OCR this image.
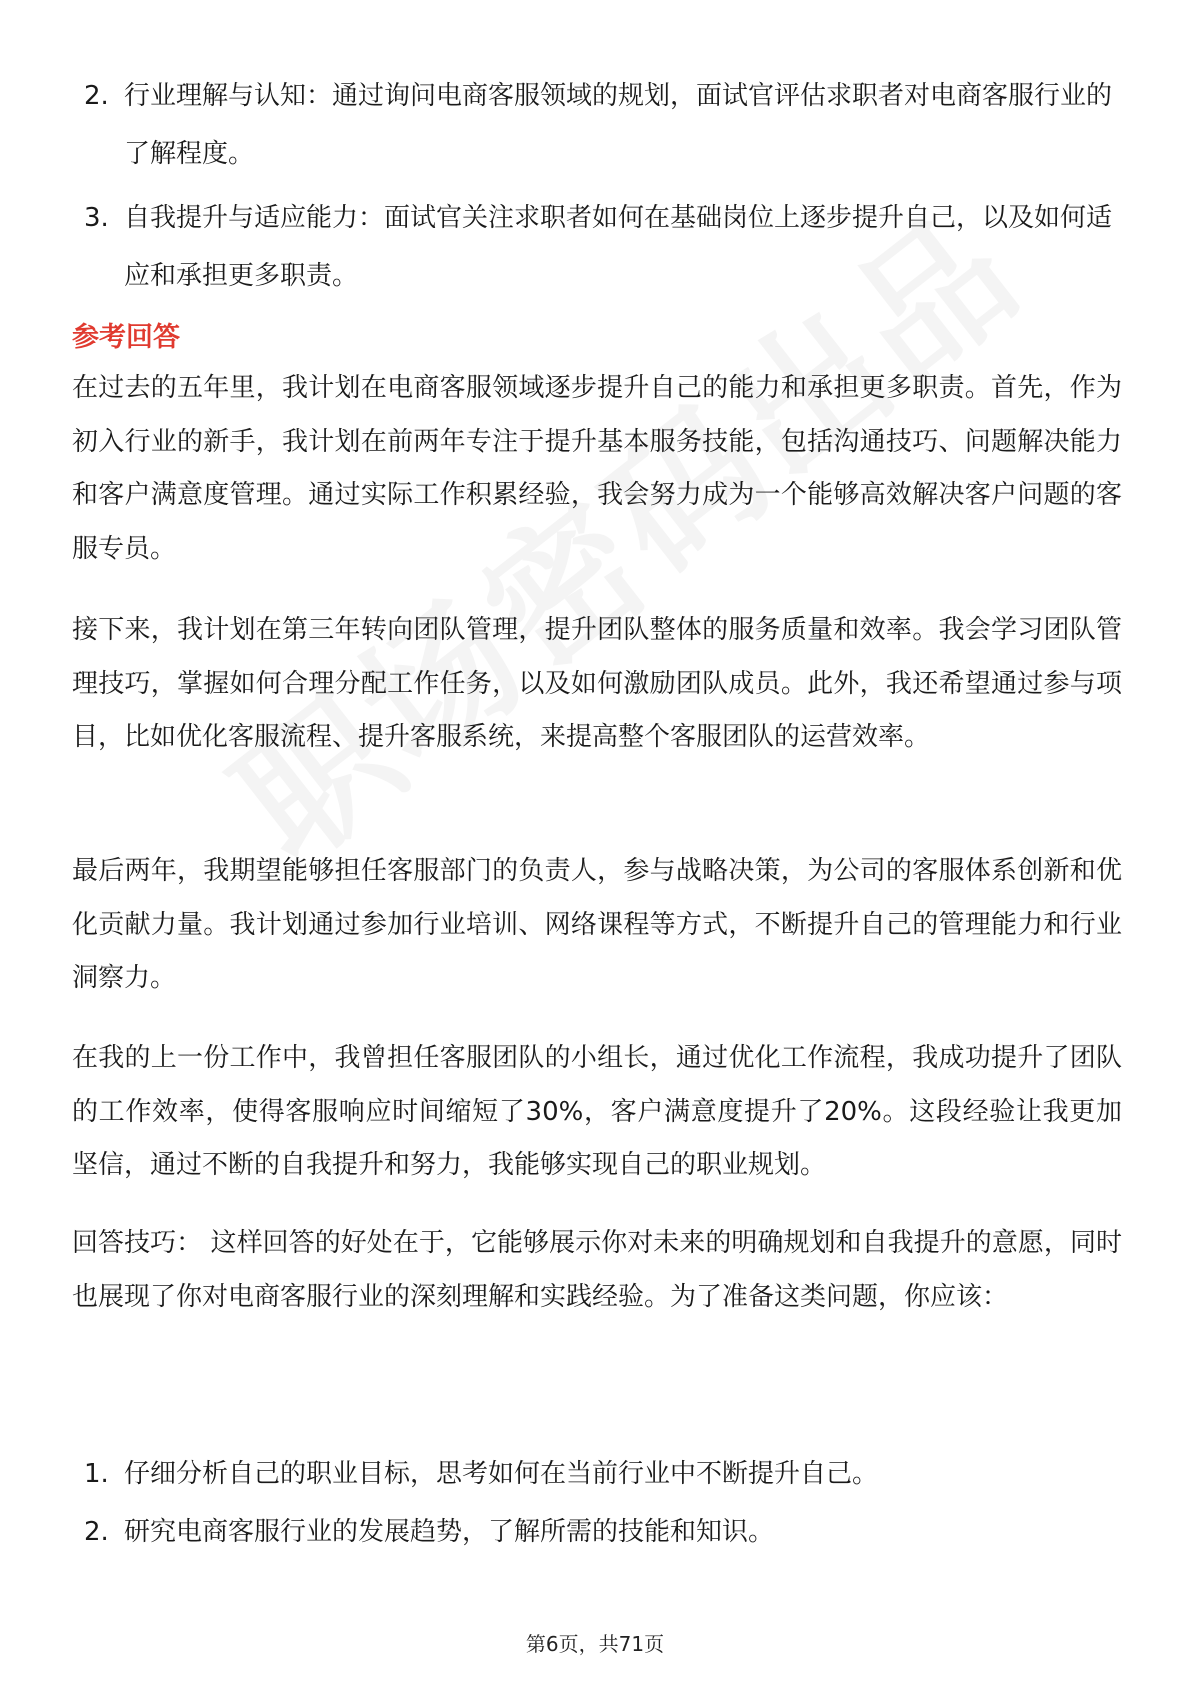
2. 行业理解与认知：通过询问电商客服领域的规划，面试官评估求职者对电商客服行业的了解程度。
3. 自我提升与适应能力：面试官关注求职者如何在基础岗位上逐步提升自己，以及如何适应和承担更多职责。
参考回答

在过去的五年里，我计划在电商客服领域逐步提升自己的能力和承担更多职责。首先，作为初入行业的新手，我计划在前两年专注于提升基本服务技能，包括沟通技巧、问题解决能力和客户满意度管理。通过实际工作积累经验，我会努力成为一个能够高效解决客户问题的客服专员。

接下来，我计划在第三年转向团队管理，提升团队整体的服务质量和效率。我会学习团队管理技巧，掌握如何合理分配工作任务，以及如何激励团队成员。此外，我还希望通过参与项目，比如优化客服流程、提升客服系统，来提高整个客服团队的运营效率。

最后两年，我期望能够担任客服部门的负责人，参与战略决策，为公司的客服体系创新和优化贡献力量。我计划通过参加行业培训、网络课程等方式，不断提升自己的管理能力和行业洞察力。

在我的上一份工作中，我曾担任客服团队的小组长，通过优化工作流程，我成功提升了团队的工作效率，使得客服响应时间缩短了30%，客户满意度提升了20%。这段经验让我更加坚信，通过不断的自我提升和努力，我能够实现自己的职业规划。

回答技巧： 这样回答的好处在于，它能够展示你对未来的明确规划和自我提升的意愿，同时也展现了你对电商客服行业的深刻理解和实践经验。为了准备这类问题，你应该：

1. 仔细分析自己的职业目标，思考如何在当前行业中不断提升自己。
2. 研究电商客服行业的发展趋势，了解所需的技能和知识。
第6页，共71页
